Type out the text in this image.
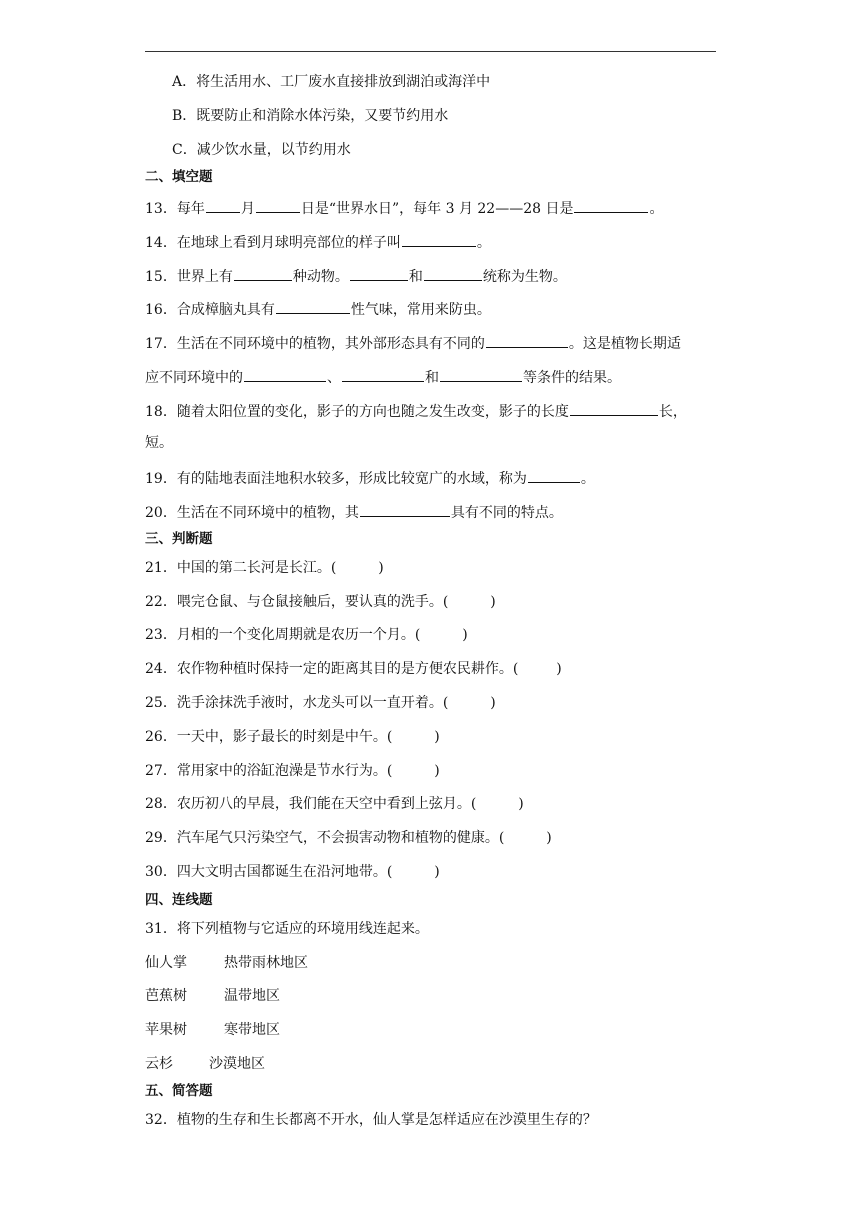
A．将生活用水、工厂废水直接排放到湖泊或海洋中
B．既要防止和消除水体污染，又要节约用水
C．减少饮水量，以节约用水
二、填空题
13．每年	月	日是“世界水日”，每年 3 月 22——28 日是	。
14．在地球上看到月球明亮部位的样子叫	。
15．世界上有	种动物。	和	统称为生物。
16．合成樟脑丸具有	性气味，常用来防虫。
17．生活在不同环境中的植物，其外部形态具有不同的	。这是植物长期适
应不同环境中的	、	和	等条件的结果。
18．随着太阳位置的变化，影子的方向也随之发生改变，影子的长度	长，
短。
19．有的陆地表面洼地积水较多，形成比较宽广的水域，称为	。
20．生活在不同环境中的植物，其	具有不同的特点。
三、判断题
21．中国的第二长河是长江。(	)
22．喂完仓鼠、与仓鼠接触后，要认真的洗手。(	)
23．月相的一个变化周期就是农历一个月。(	)
24．农作物种植时保持一定的距离其目的是方便农民耕作。(	)
25．洗手涂抹洗手液时，水龙头可以一直开着。(	)
26．一天中，影子最长的时刻是中午。(	)
27．常用家中的浴缸泡澡是节水行为。(	)
28．农历初八的早晨，我们能在天空中看到上弦月。(	)
29．汽车尾气只污染空气，不会损害动物和植物的健康。(	)
30．四大文明古国都诞生在沿河地带。(	)
四、连线题
31．将下列植物与它适应的环境用线连起来。
仙人掌	热带雨林地区
芭蕉树	温带地区
苹果树	寒带地区
云杉	沙漠地区
五、简答题
32．植物的生存和生长都离不开水，仙人掌是怎样适应在沙漠里生存的？
